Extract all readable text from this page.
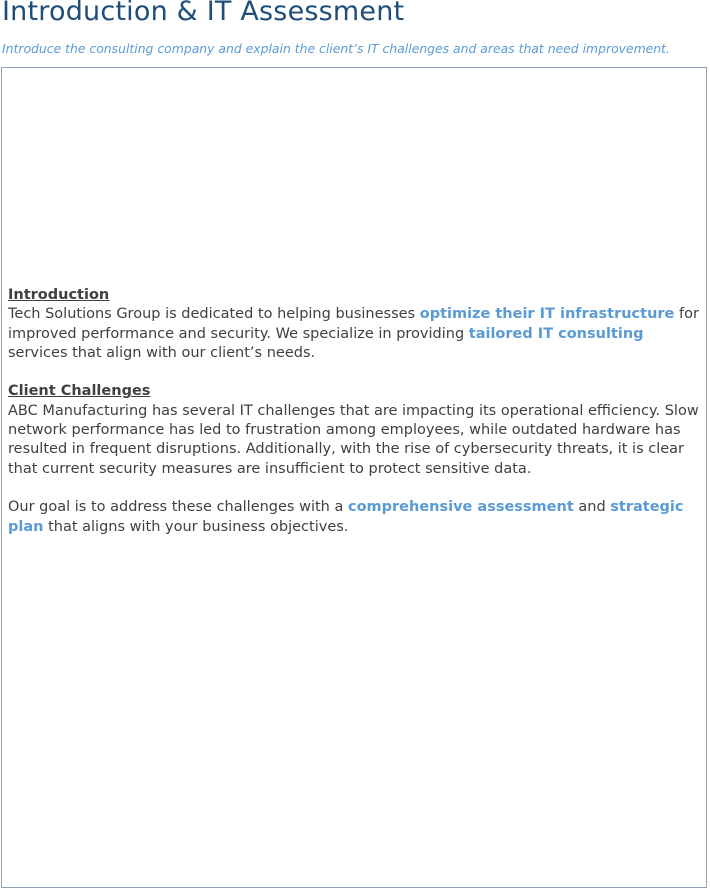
Introduction & IT Assessment

Introduce the consulting company and explain the client’s IT challenges and areas that need improvement.

Introduction
Tech Solutions Group is dedicated to helping businesses optimize their IT infrastructure for improved performance and security. We specialize in providing tailored IT consulting services that align with our client’s needs.

Client Challenges
ABC Manufacturing has several IT challenges that are impacting its operational efficiency. Slow network performance has led to frustration among employees, while outdated hardware has resulted in frequent disruptions. Additionally, with the rise of cybersecurity threats, it is clear that current security measures are insufficient to protect sensitive data.

Our goal is to address these challenges with a comprehensive assessment and strategic plan that aligns with your business objectives.
